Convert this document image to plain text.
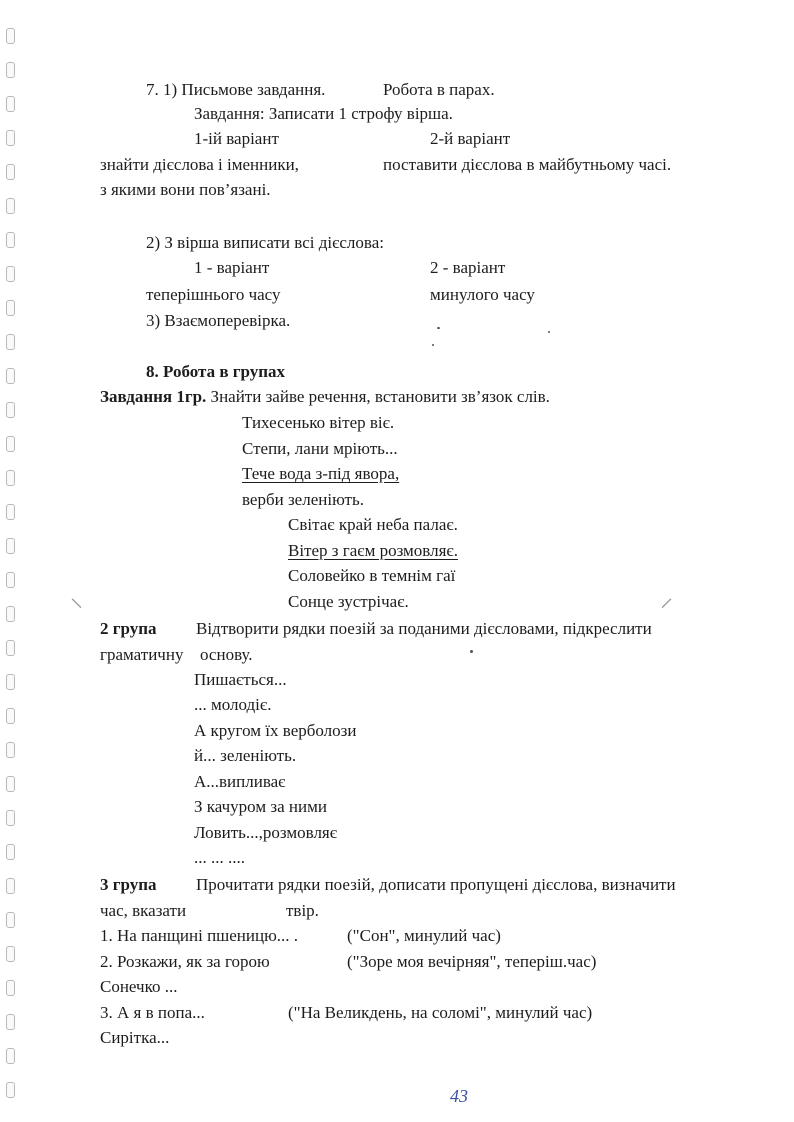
7. 1) Письмове завдання.	Робота в парах.
Завдання: Записати 1 строфу вірша.
1-ій варіант	2-й варіант
знайти дієслова і іменники,	поставити дієслова в майбутньому часі.
з якими вони пов’язані.
2) З вірша виписати всі дієслова:
1 - варіант	2 - варіант
теперішнього часу	минулого часу
3) Взаємоперевірка.
8. Робота в групах
Завдання 1гр. Знайти зайве речення, встановити зв’язок слів.
Тихесенько вітер віє.
Степи, лани мріють...
Тече вода з-під явора,
верби зеленіють.
Світає край неба палає.
Вітер з гаєм розмовляє.
Соловейко в темнім гаї
Сонце зустрічає.
2 група Відтворити рядки поезій за поданими дієсловами, підкреслити
граматичну основу.
Пишається...
... молодіє.
А кругом їх верболози
й... зеленіють.
А...випливає
З качуром за ними
Ловить...,розмовляє
... ... ....
3 група Прочитати рядки поезій, дописати пропущені дієслова, визначити
час, вказати	твір.
1. На панщині пшеницю... .	("Сон", минулий час)
2. Розкажи, як за горою	("Зоре моя вечірняя", теперіш.час)
Сонечко ...
3. А я в попа...	("На Великдень, на соломі", минулий час)
Сирітка...
43
⸜	⸝
